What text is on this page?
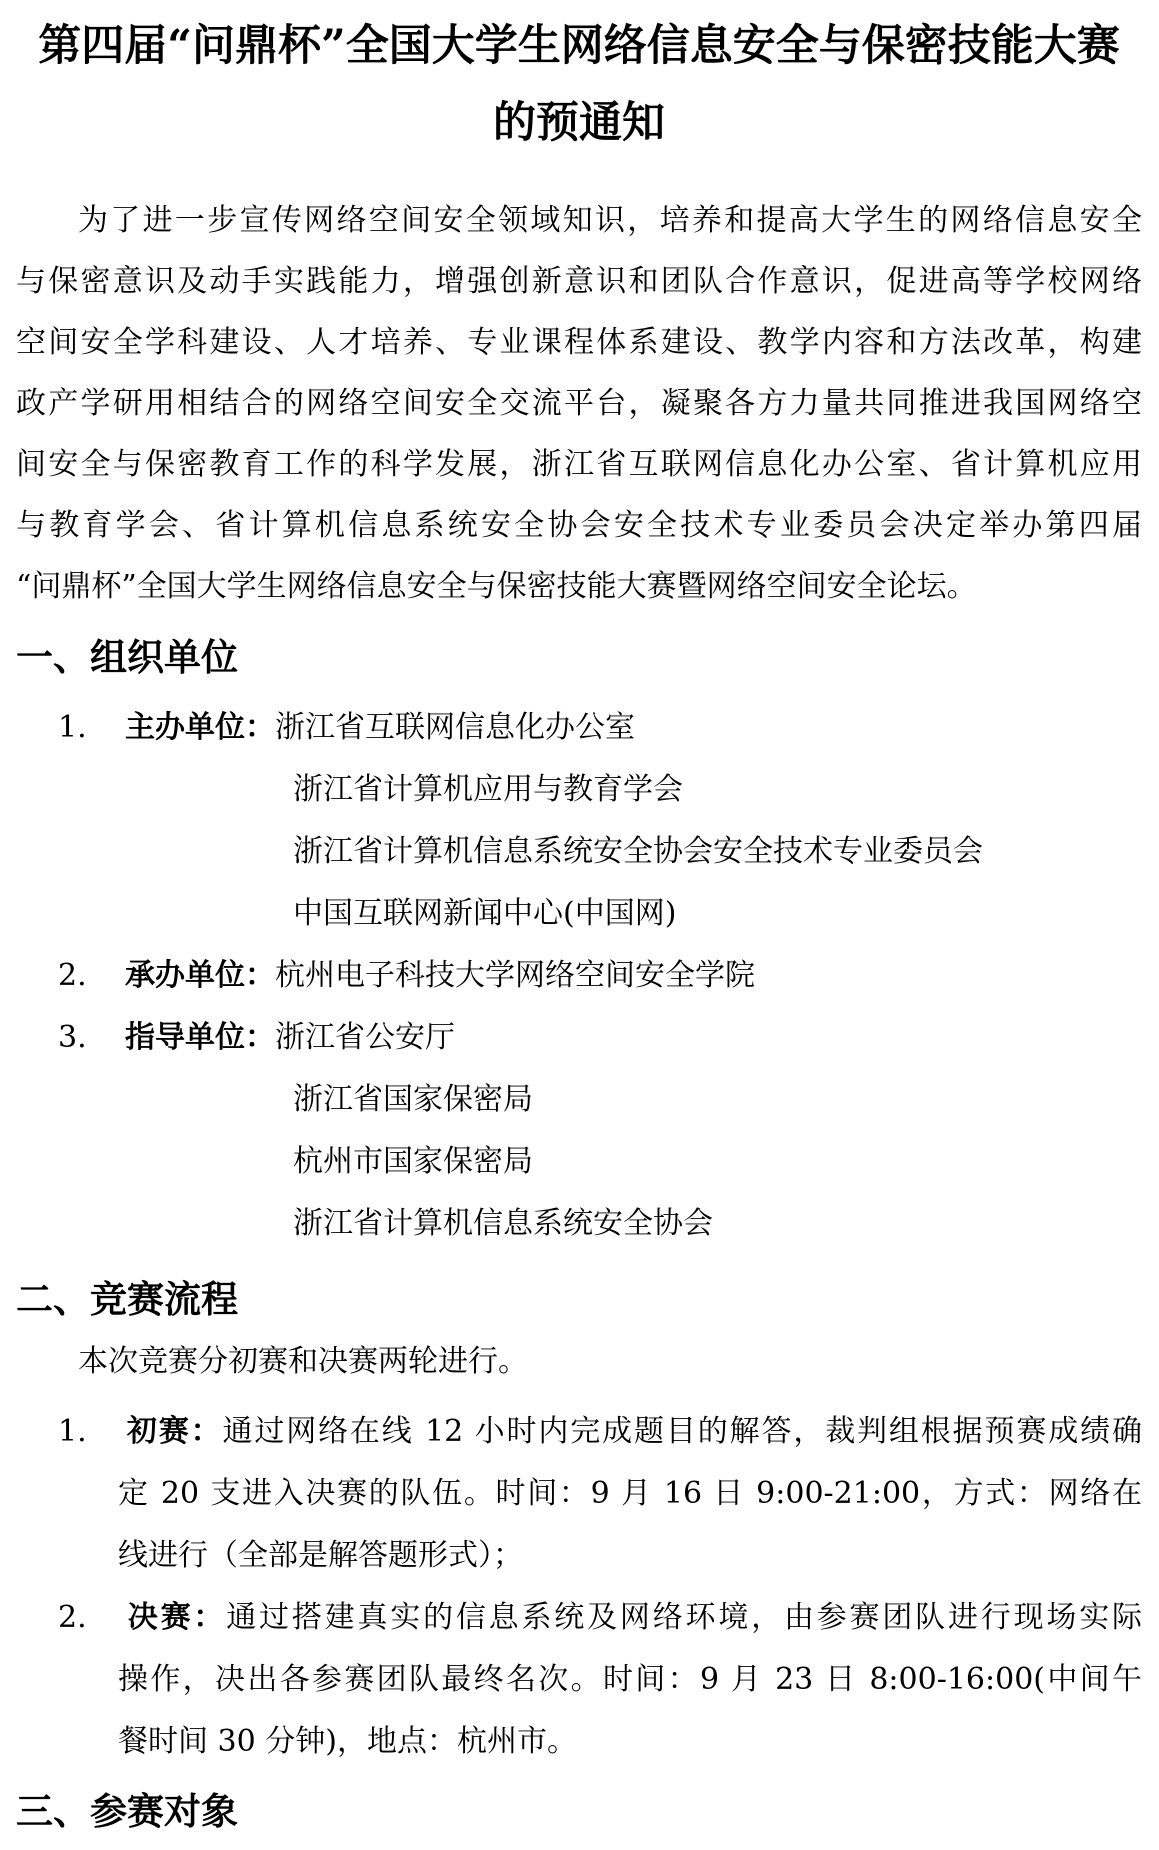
第四届“问鼎杯”全国大学生网络信息安全与保密技能大赛
的预通知
为了进一步宣传网络空间安全领域知识，培养和提高大学生的网络信息安全
与保密意识及动手实践能力，增强创新意识和团队合作意识，促进高等学校网络
空间安全学科建设、人才培养、专业课程体系建设、教学内容和方法改革，构建
政产学研用相结合的网络空间安全交流平台，凝聚各方力量共同推进我国网络空
间安全与保密教育工作的科学发展，浙江省互联网信息化办公室、省计算机应用
与教育学会、省计算机信息系统安全协会安全技术专业委员会决定举办第四届
“问鼎杯”全国大学生网络信息安全与保密技能大赛暨网络空间安全论坛。
一、组织单位
1. 主办单位：浙江省互联网信息化办公室
浙江省计算机应用与教育学会
浙江省计算机信息系统安全协会安全技术专业委员会
中国互联网新闻中心(中国网)
2. 承办单位：杭州电子科技大学网络空间安全学院
3. 指导单位：浙江省公安厅
浙江省国家保密局
杭州市国家保密局
浙江省计算机信息系统安全协会
二、竞赛流程
本次竞赛分初赛和决赛两轮进行。
1. 初赛：通过网络在线 12 小时内完成题目的解答，裁判组根据预赛成绩确
定 20 支进入决赛的队伍。时间：9 月 16 日 9:00-21:00，方式：网络在
线进行（全部是解答题形式）；
2. 决赛：通过搭建真实的信息系统及网络环境，由参赛团队进行现场实际
操作，决出各参赛团队最终名次。时间：9 月 23 日 8:00-16:00(中间午
餐时间 30 分钟)，地点：杭州市。
三、参赛对象
